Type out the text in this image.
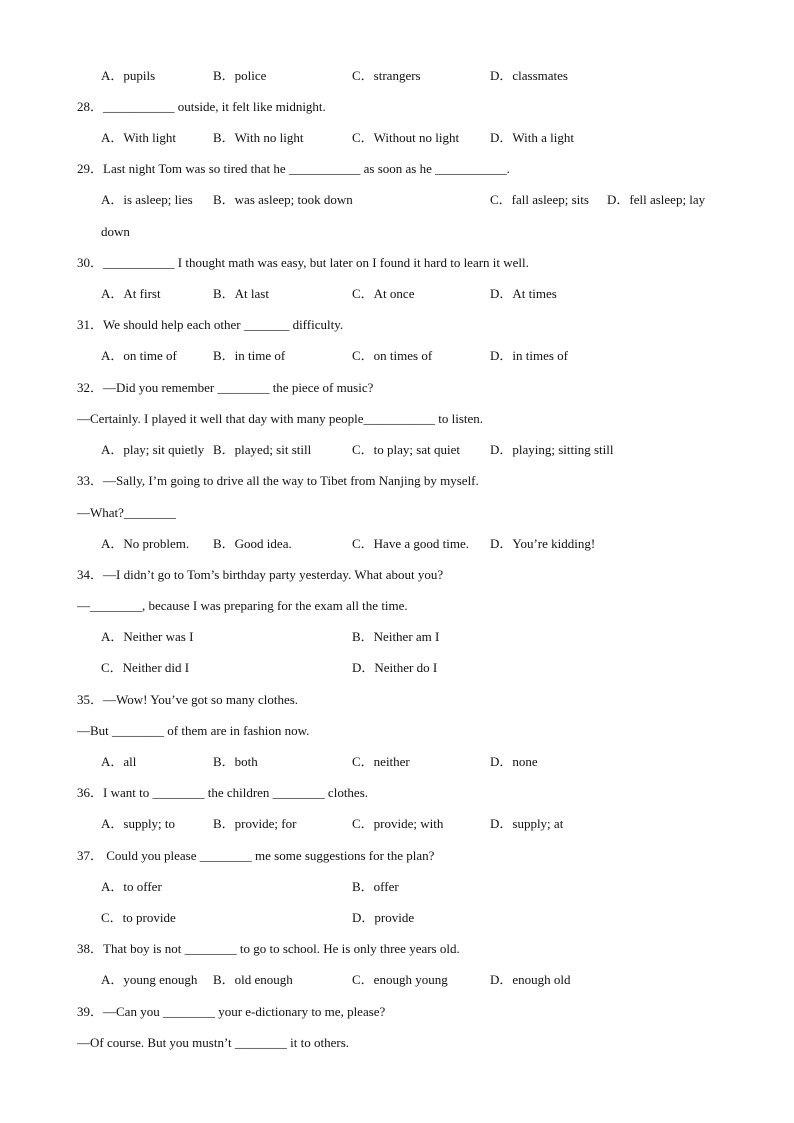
A．pupils	B．police	C．strangers	D．classmates
28．___________ outside, it felt like midnight.
A．With light	B．With no light	C．Without no light D．With a light
29．Last night Tom was so tired that he ___________ as soon as he ___________.
A．is asleep; lies B．was asleep; took down	C．fall asleep; sits D．fell asleep; lay
down
30．___________ I thought math was easy, but later on I found it hard to learn it well.
A．At first	B．At last	C．At once	D．At times
31．We should help each other _______ difficulty.
A．on time of	B．in time of	C．on times of	D．in times of
32．—Did you remember ________ the piece of music?
—Certainly. I played it well that day with many people___________ to listen.
A．play; sit quietly B．played; sit still	C．to play; sat quiet D．playing; sitting still
33．—Sally, I’m going to drive all the way to Tibet from Nanjing by myself.
—What?________
A．No problem. B．Good idea.	C．Have a good time. D．You’re kidding!
34．—I didn’t go to Tom’s birthday party yesterday. What about you?
—________, because I was preparing for the exam all the time.
A．Neither was I	B．Neither am I
C．Neither did I	D．Neither do I
35．—Wow! You’ve got so many clothes.
—But ________ of them are in fashion now.
A．all	B．both	C．neither	D．none
36．I want to ________ the children ________ clothes.
A．supply; to	B．provide; for	C．provide; with	D．supply; at
37． Could you please ________ me some suggestions for the plan?
A．to offer	B．offer
C．to provide	D．provide
38．That boy is not ________ to go to school. He is only three years old.
A．young enough B．old enough	C．enough young	D．enough old
39．—Can you ________ your e-dictionary to me, please?
—Of course. But you mustn’t ________ it to others.
